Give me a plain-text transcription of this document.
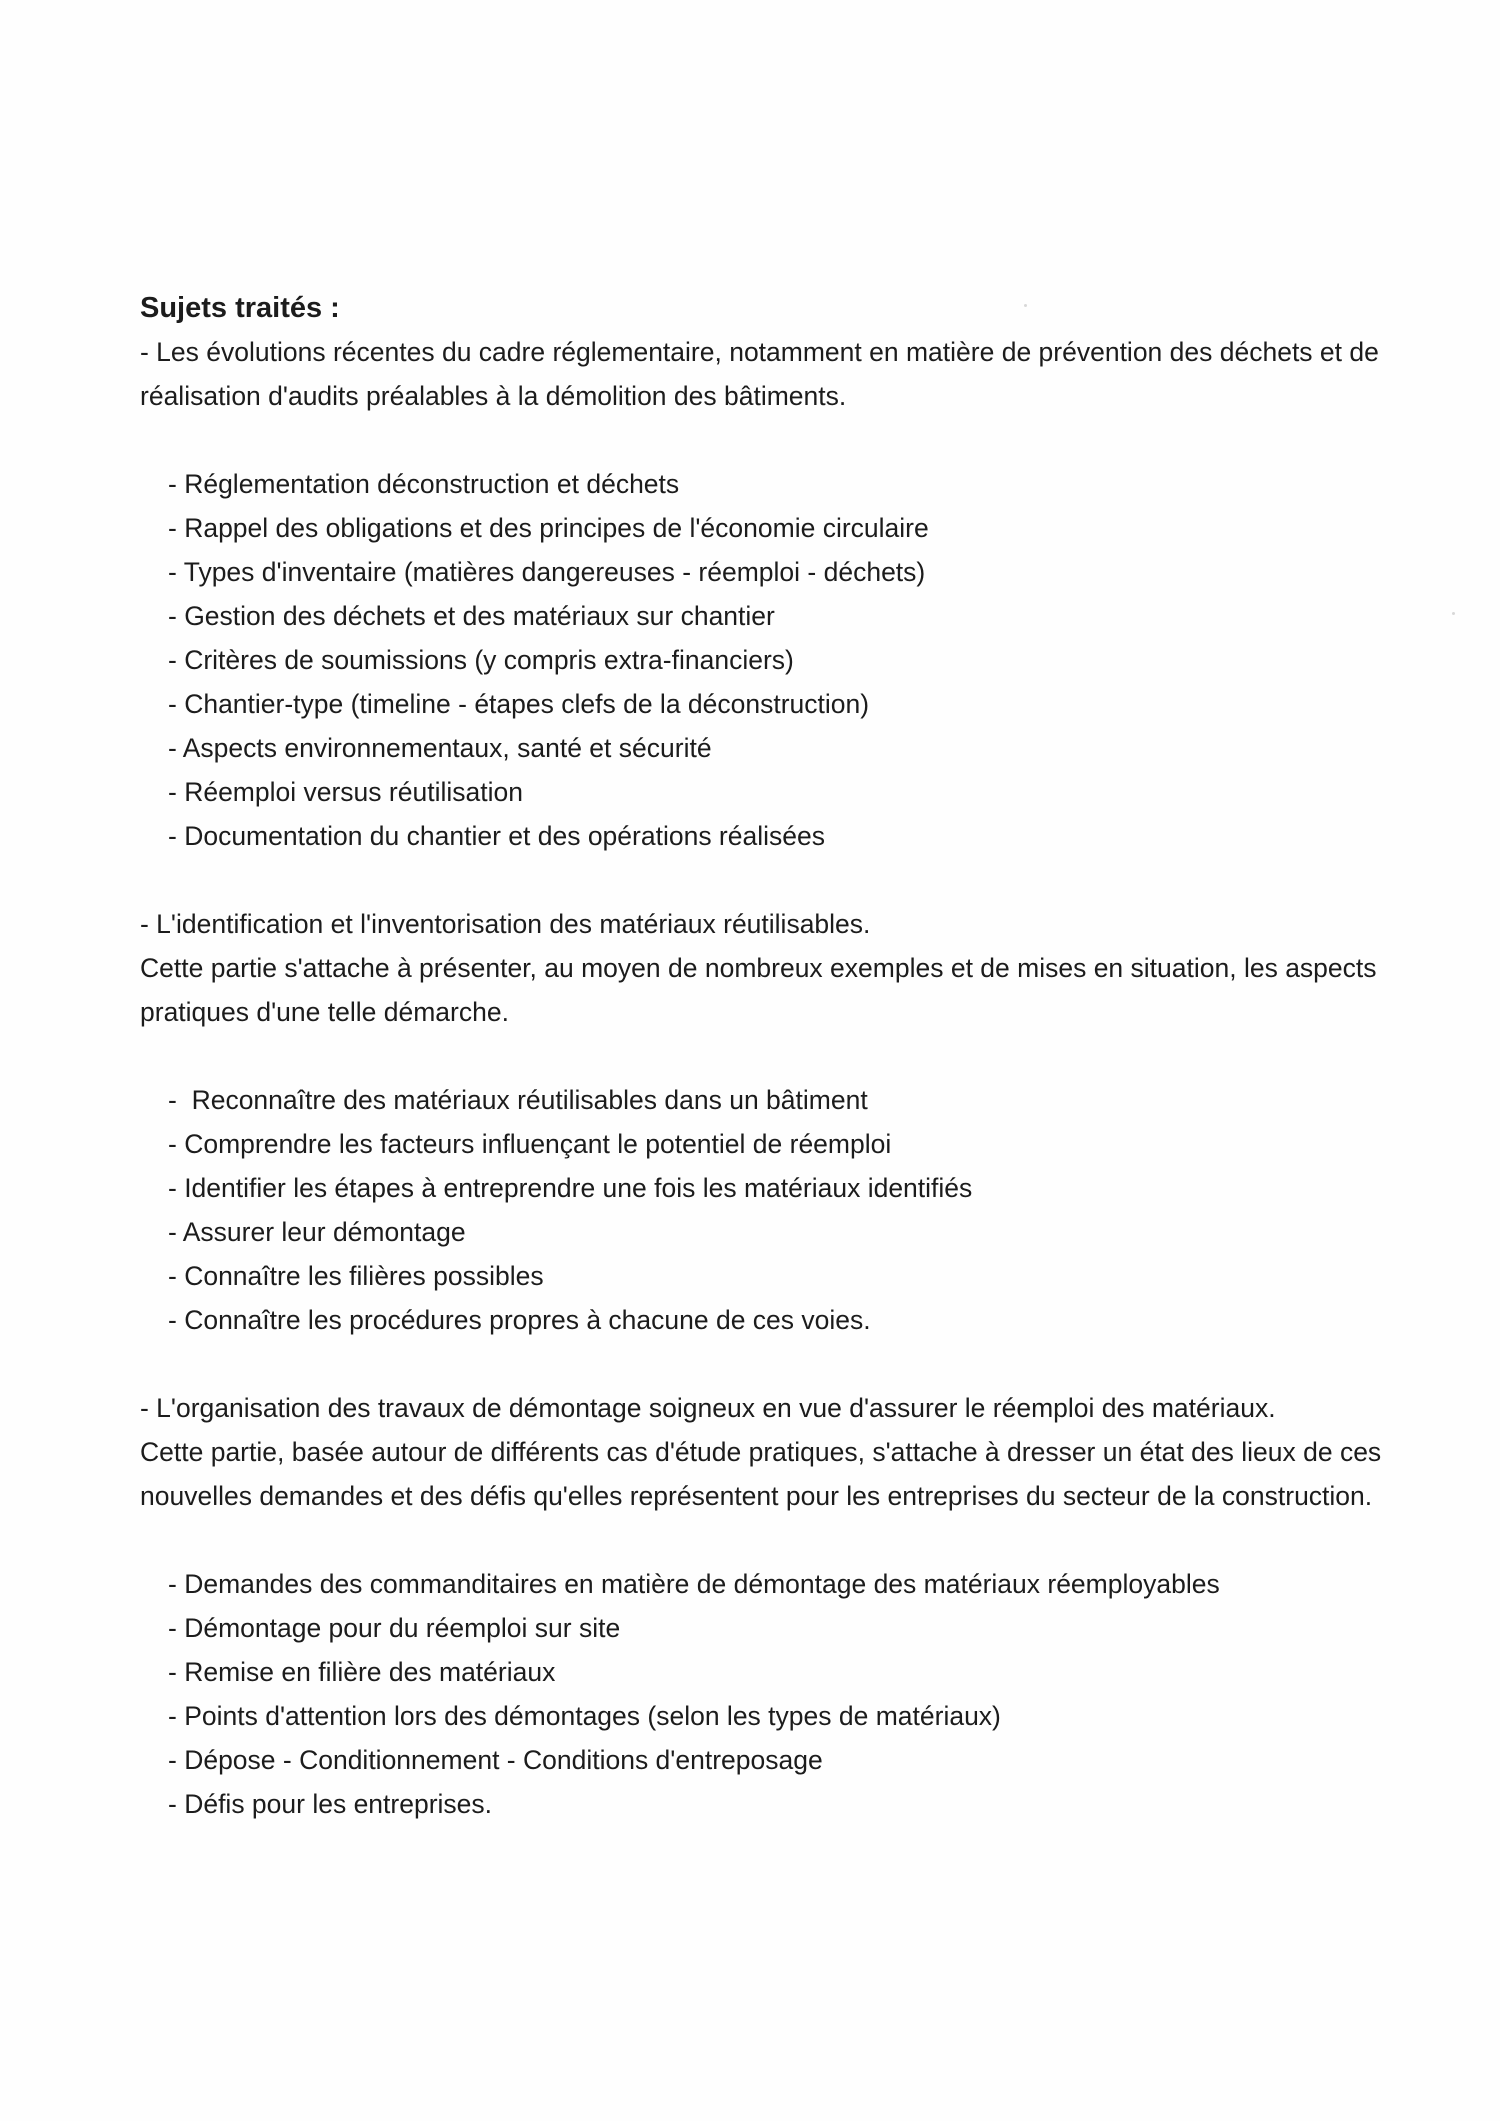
Sujets traités :

- Les évolutions récentes du cadre réglementaire, notamment en matière de prévention des déchets et de réalisation d'audits préalables à la démolition des bâtiments.

- Réglementation déconstruction et déchets
- Rappel des obligations et des principes de l'économie circulaire
- Types d'inventaire (matières dangereuses - réemploi - déchets)
- Gestion des déchets et des matériaux sur chantier
- Critères de soumissions (y compris extra-financiers)
- Chantier-type (timeline - étapes clefs de la déconstruction)
- Aspects environnementaux, santé et sécurité
- Réemploi versus réutilisation
- Documentation du chantier et des opérations réalisées

- L'identification et l'inventorisation des matériaux réutilisables.

Cette partie s'attache à présenter, au moyen de nombreux exemples et de mises en situation, les aspects pratiques d'une telle démarche.

- Reconnaître des matériaux réutilisables dans un bâtiment
- Comprendre les facteurs influençant le potentiel de réemploi
- Identifier les étapes à entreprendre une fois les matériaux identifiés
- Assurer leur démontage
- Connaître les filières possibles
- Connaître les procédures propres à chacune de ces voies.

- L'organisation des travaux de démontage soigneux en vue d'assurer le réemploi des matériaux.

Cette partie, basée autour de différents cas d'étude pratiques, s'attache à dresser un état des lieux de ces nouvelles demandes et des défis qu'elles représentent pour les entreprises du secteur de la construction.

- Demandes des commanditaires en matière de démontage des matériaux réemployables
- Démontage pour du réemploi sur site
- Remise en filière des matériaux
- Points d'attention lors des démontages (selon les types de matériaux)
- Dépose - Conditionnement - Conditions d'entreposage
- Défis pour les entreprises.
